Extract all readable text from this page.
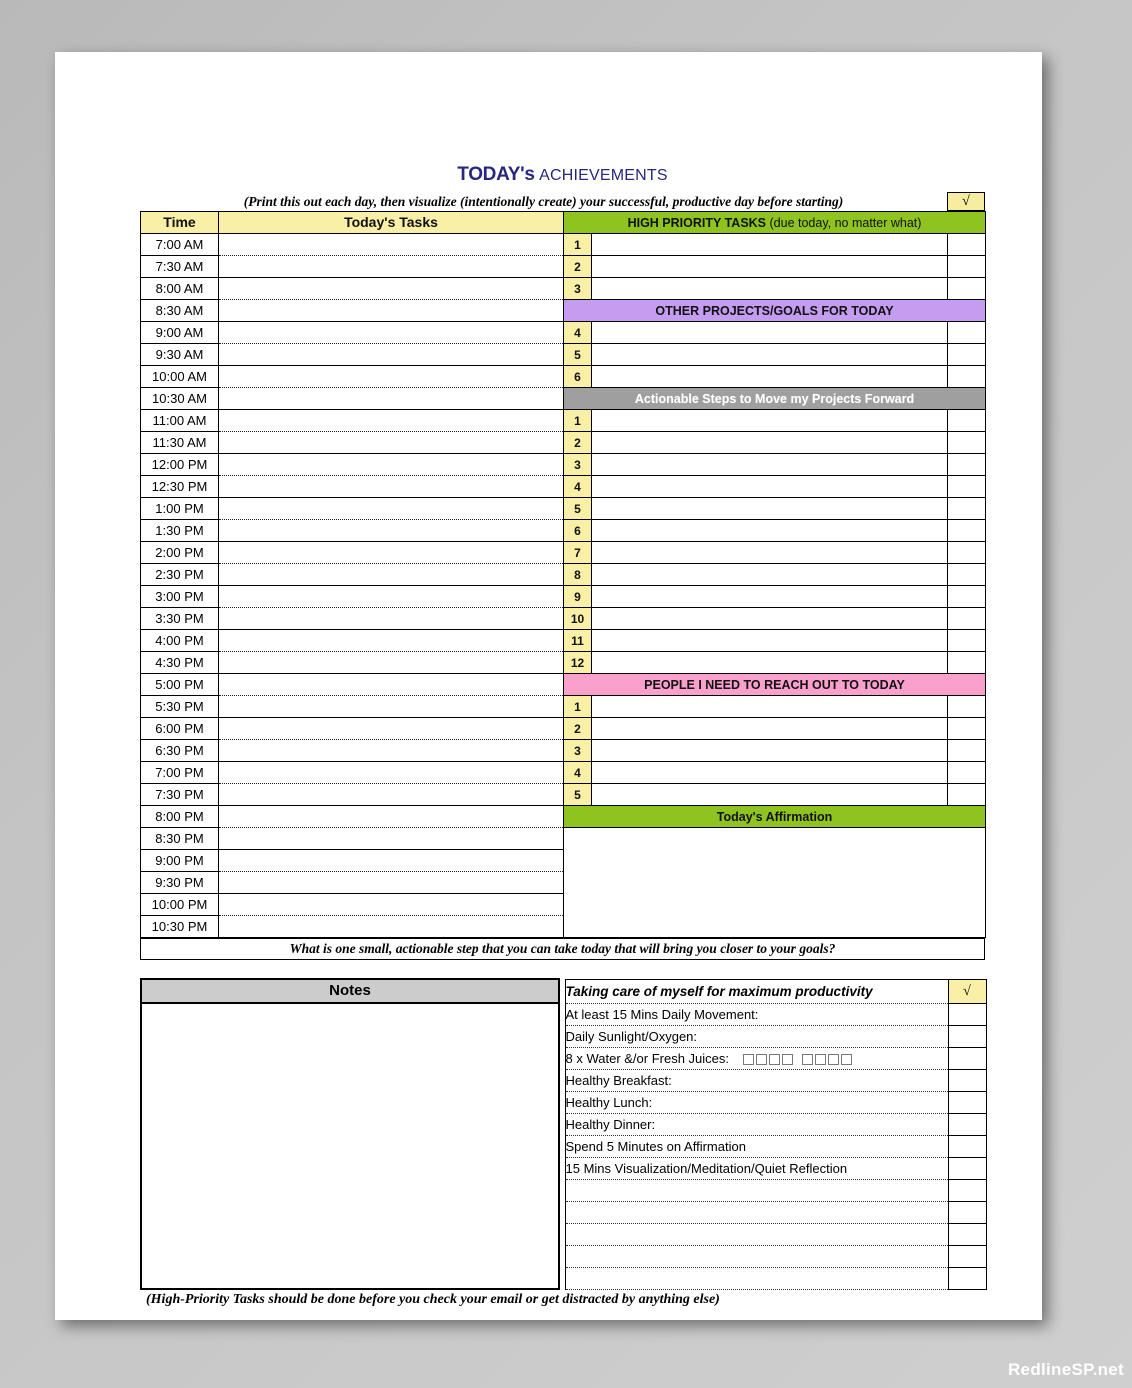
TODAY's ACHIEVEMENTS
(Print this out each day, then visualize (intentionally create) your successful, productive day before starting)	√
Time	Today's Tasks	HIGH PRIORITY TASKS (due today, no matter what)		
7:00 AM		1		
7:30 AM		2		
8:00 AM		3		
8:30 AM		OTHER PROJECTS/GOALS FOR TODAY		
9:00 AM		4		
9:30 AM		5		
10:00 AM		6		
10:30 AM		Actionable Steps to Move my Projects Forward		
11:00 AM		1		
11:30 AM		2		
12:00 PM		3		
12:30 PM		4		
1:00 PM		5		
1:30 PM		6		
2:00 PM		7		
2:30 PM		8		
3:00 PM		9		
3:30 PM		10		
4:00 PM		11		
4:30 PM		12		
5:00 PM		PEOPLE I NEED TO REACH OUT TO TODAY		
5:30 PM		1		
6:00 PM		2		
6:30 PM		3		
7:00 PM		4		
7:30 PM		5		
8:00 PM		Today's Affirmation		
8:30 PM				
9:00 PM				
9:30 PM				
10:00 PM				
10:30 PM				
What is one small, actionable step that you can take today that will bring you closer to your goals?
Notes		Taking care of myself for maximum productivity	√
		At least 15 Mins Daily Movement:	
		Daily Sunlight/Oxygen:	
		8 x Water &/or Fresh Juices:	
		Healthy Breakfast:	
		Healthy Lunch:	
		Healthy Dinner:	
		Spend 5 Minutes on Affirmation	
		15 Mins Visualization/Meditation/Quiet Reflection	

(High-Priority Tasks should be done before you check your email or get distracted by anything else)
RedlineSP.net
